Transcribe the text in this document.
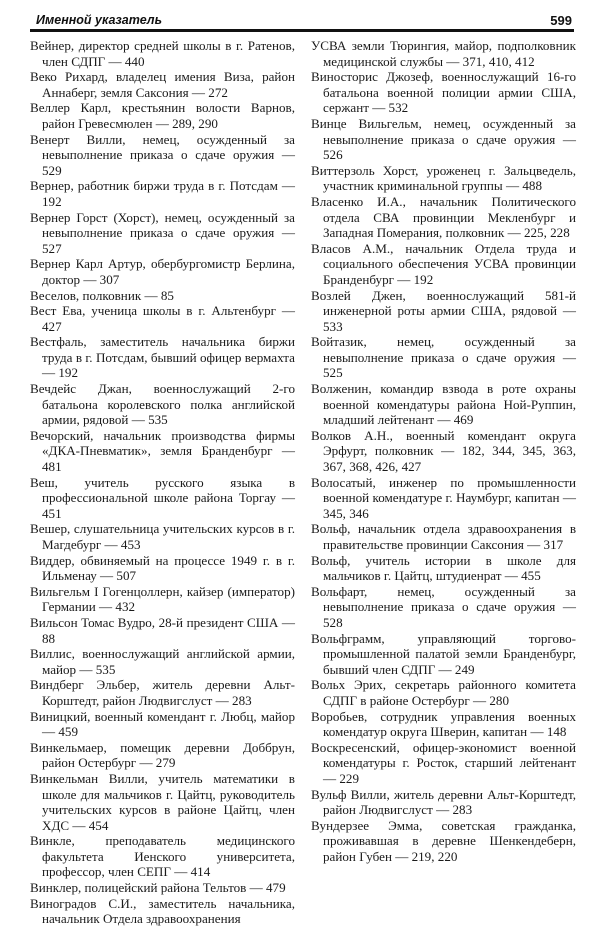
Именной указатель	599

Вейнер, директор средней школы в г. Ратенов, член СДПГ — 440

Веко Рихард, владелец имения Виза, район Аннаберг, земля Саксония — 272

Веллер Карл, крестьянин волости Варнов, район Гревесмюлен — 289, 290

Венерт Вилли, немец, осужденный за невыполнение приказа о сдаче оружия — 529

Вернер, работник биржи труда в г. Потсдам — 192

Вернер Горст (Хорст), немец, осужденный за невыполнение приказа о сдаче оружия — 527

Вернер Карл Артур, обербургомистр Берлина, доктор — 307

Веселов, полковник — 85

Вест Ева, ученица школы в г. Альтенбург — 427

Вестфаль, заместитель начальника биржи труда в г. Потсдам, бывший офицер вермахта — 192

Вечдейс Джан, военнослужащий 2-го батальона королевского полка английской армии, рядовой — 535

Вечорский, начальник производства фирмы «ДКА-Пневматик», земля Бранденбург — 481

Веш, учитель русского языка в профессиональной школе района Торгау — 451

Вешер, слушательница учительских курсов в г. Магдебург — 453

Виддер, обвиняемый на процессе 1949 г. в г. Ильменау — 507

Вильгельм I Гогенцоллерн, кайзер (император) Германии — 432

Вильсон Томас Вудро, 28-й президент США — 88

Виллис, военнослужащий английской армии, майор — 535

Виндберг Эльбер, житель деревни Альт-Корштедт, район Людвигслуст — 283

Виницкий, военный комендант г. Любц, майор — 459

Винкельмаер, помещик деревни Доббрун, район Остербург — 279

Винкельман Вилли, учитель математики в школе для мальчиков г. Цайтц, руководитель учительских курсов в районе Цайтц, член ХДС — 454

Винкле, преподаватель медицинского факультета Иенского университета, профессор, член СЕПГ — 414

Винклер, полицейский района Тельтов — 479

Виноградов С.И., заместитель начальника, начальник Отдела здравоохранения

УСВА земли Тюрингия, майор, подполковник медицинской службы — 371, 410, 412

Виносторис Джозеф, военнослужащий 16-го батальона военной полиции армии США, сержант — 532

Винце Вильгельм, немец, осужденный за невыполнение приказа о сдаче оружия — 526

Виттерзоль Хорст, уроженец г. Зальцведель, участник криминальной группы — 488

Власенко И.А., начальник Политического отдела СВА провинции Мекленбург и Западная Померания, полковник — 225, 228

Власов А.М., начальник Отдела труда и социального обеспечения УСВА провинции Бранденбург — 192

Возлей Джен, военнослужащий 581-й инженерной роты армии США, рядовой — 533

Войтазик, немец, осужденный за невыполнение приказа о сдаче оружия — 525

Волженин, командир взвода в роте охраны военной комендатуры района Ной-Руппин, младший лейтенант — 469

Волков А.Н., военный комендант округа Эрфурт, полковник — 182, 344, 345, 363, 367, 368, 426, 427

Волосатый, инженер по промышленности военной комендатуре г. Наумбург, капитан — 345, 346

Вольф, начальник отдела здравоохранения в правительстве провинции Саксония — 317

Вольф, учитель истории в школе для мальчиков г. Цайтц, штудиенрат — 455

Вольфарт, немец, осужденный за невыполнение приказа о сдаче оружия — 528

Вольфграмм, управляющий торгово-промышленной палатой земли Бранденбург, бывший член СДПГ — 249

Вольх Эрих, секретарь районного комитета СДПГ в районе Остербург — 280

Воробьев, сотрудник управления военных комендатур округа Шверин, капитан — 148

Воскресенский, офицер-экономист военной комендатуры г. Росток, старший лейтенант — 229

Вульф Вилли, житель деревни Альт-Корштедт, район Людвигслуст — 283

Вундерзее Эмма, советская гражданка, проживавшая в деревне Шенкендеберн, район Губен — 219, 220
